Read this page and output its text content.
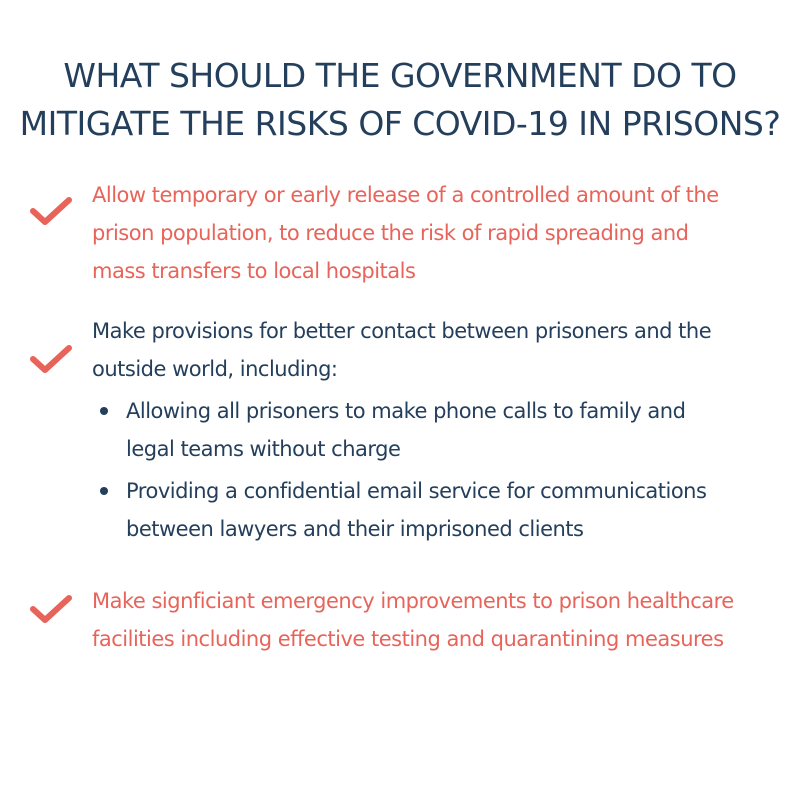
WHAT SHOULD THE GOVERNMENT DO TO
MITIGATE THE RISKS OF COVID-19 IN PRISONS?
Allow temporary or early release of a controlled amount of the
prison population, to reduce the risk of rapid spreading and
mass transfers to local hospitals
Make provisions for better contact between prisoners and the
outside world, including:
Allowing all prisoners to make phone calls to family and
legal teams without charge
Providing a confidential email service for communications
between lawyers and their imprisoned clients
Make signficiant emergency improvements to prison healthcare
facilities including effective testing and quarantining measures
